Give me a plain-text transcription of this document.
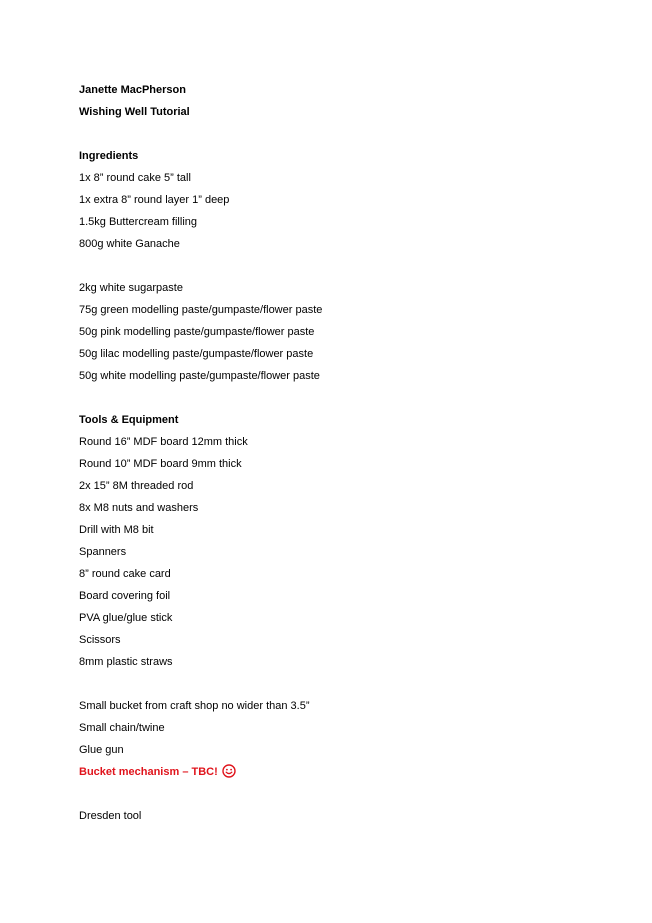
Janette MacPherson
Wishing Well Tutorial
Ingredients
1x 8” round cake 5” tall
1x extra 8” round layer 1” deep
1.5kg Buttercream filling
800g white Ganache
2kg white sugarpaste
75g green modelling paste/gumpaste/flower paste
50g pink modelling paste/gumpaste/flower paste
50g lilac modelling paste/gumpaste/flower paste
50g white modelling paste/gumpaste/flower paste
Tools & Equipment
Round 16” MDF board 12mm thick
Round 10” MDF board 9mm thick
2x 15” 8M threaded rod
8x M8 nuts and washers
Drill with M8 bit
Spanners
8” round cake card
Board covering foil
PVA glue/glue stick
Scissors
8mm plastic straws
Small bucket from craft shop no wider than 3.5”
Small chain/twine
Glue gun
Bucket mechanism – TBC!
Dresden tool
